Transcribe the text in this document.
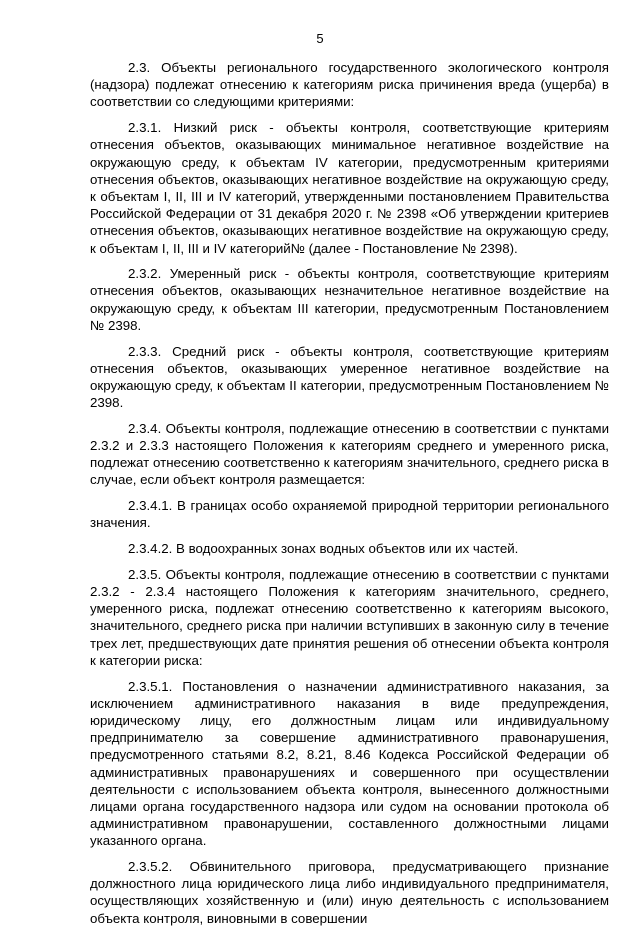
5

2.3. Объекты регионального государственного экологического контроля (надзора) подлежат отнесению к категориям риска причинения вреда (ущерба) в соответствии со следующими критериями:

2.3.1. Низкий риск - объекты контроля, соответствующие критериям отнесения объектов, оказывающих минимальное негативное воздействие на окружающую среду, к объектам IV категории, предусмотренным критериями отнесения объектов, оказывающих негативное воздействие на окружающую среду, к объектам I, II, III и IV категорий, утвержденными постановлением Правительства Российской Федерации от 31 декабря 2020 г. № 2398 «Об утверждении критериев отнесения объектов, оказывающих негативное воздействие на окружающую среду, к объектам I, II, III и IV категорий№ (далее - Постановление № 2398).

2.3.2. Умеренный риск - объекты контроля, соответствующие критериям отнесения объектов, оказывающих незначительное негативное воздействие на окружающую среду, к объектам III категории, предусмотренным Постановлением № 2398.

2.3.3. Средний риск - объекты контроля, соответствующие критериям отнесения объектов, оказывающих умеренное негативное воздействие на окружающую среду, к объектам II категории, предусмотренным Постановлением № 2398.

2.3.4. Объекты контроля, подлежащие отнесению в соответствии с пунктами 2.3.2 и 2.3.3 настоящего Положения к категориям среднего и умеренного риска, подлежат отнесению соответственно к категориям значительного, среднего риска в случае, если объект контроля размещается:

2.3.4.1. В границах особо охраняемой природной территории регионального значения.

2.3.4.2. В водоохранных зонах водных объектов или их частей.

2.3.5. Объекты контроля, подлежащие отнесению в соответствии с пунктами 2.3.2 - 2.3.4 настоящего Положения к категориям значительного, среднего, умеренного риска, подлежат отнесению соответственно к категориям высокого, значительного, среднего риска при наличии вступивших в законную силу в течение трех лет, предшествующих дате принятия решения об отнесении объекта контроля к категории риска:

2.3.5.1. Постановления о назначении административного наказания, за исключением административного наказания в виде предупреждения, юридическому лицу, его должностным лицам или индивидуальному предпринимателю за совершение административного правонарушения, предусмотренного статьями 8.2, 8.21, 8.46 Кодекса Российской Федерации об административных правонарушениях и совершенного при осуществлении деятельности с использованием объекта контроля, вынесенного должностными лицами органа государственного надзора или судом на основании протокола об административном правонарушении, составленного должностными лицами указанного органа.

2.3.5.2. Обвинительного приговора, предусматривающего признание должностного лица юридического лица либо индивидуального предпринимателя, осуществляющих хозяйственную и (или) иную деятельность с использованием объекта контроля, виновными в совершении
